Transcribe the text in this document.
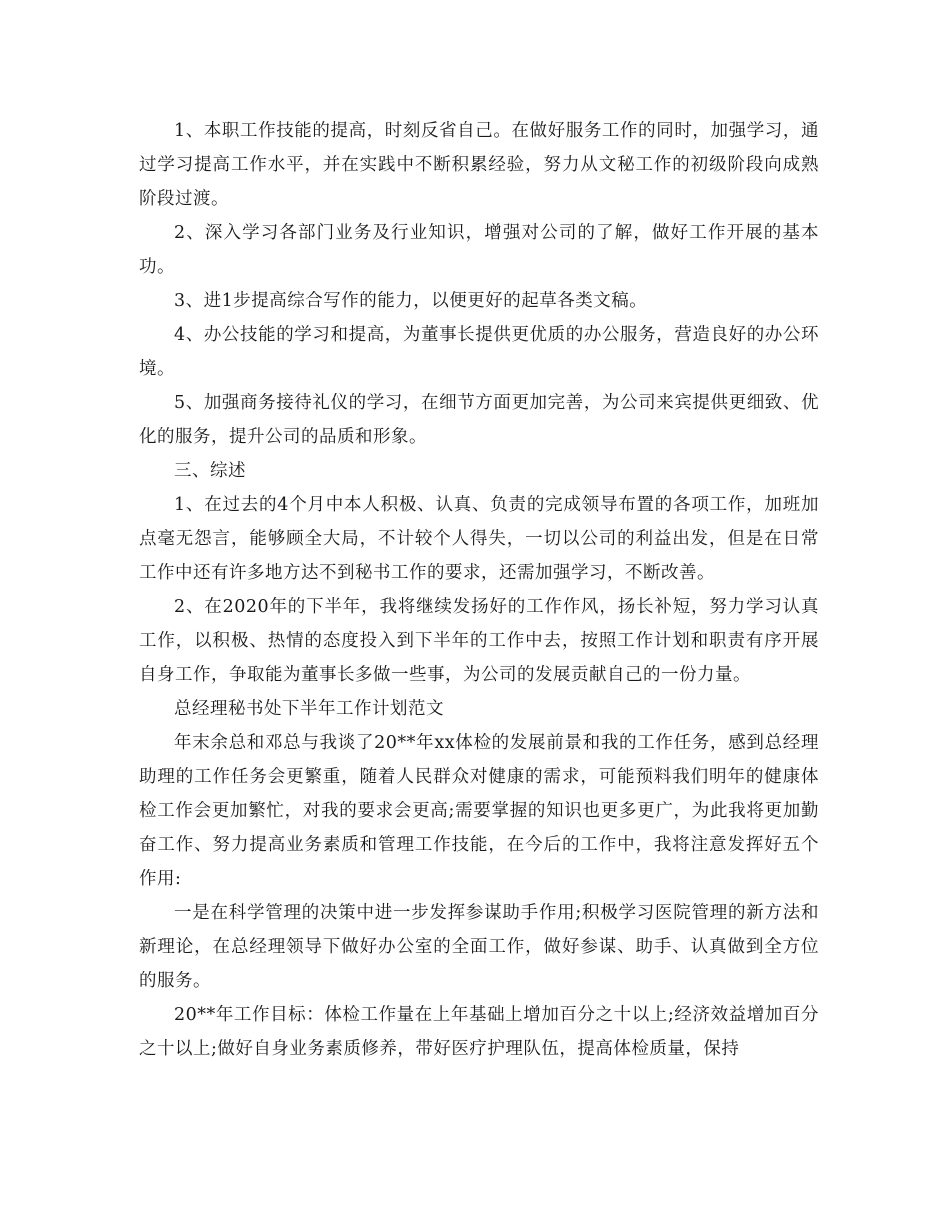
1、本职工作技能的提高，时刻反省自己。在做好服务工作的同时，加强学习，通过学习提高工作水平，并在实践中不断积累经验，努力从文秘工作的初级阶段向成熟阶段过渡。

2、深入学习各部门业务及行业知识，增强对公司的了解，做好工作开展的基本功。

3、进1步提高综合写作的能力，以便更好的起草各类文稿。

4、办公技能的学习和提高，为董事长提供更优质的办公服务，营造良好的办公环境。

5、加强商务接待礼仪的学习，在细节方面更加完善，为公司来宾提供更细致、优化的服务，提升公司的品质和形象。

三、综述

1、在过去的4个月中本人积极、认真、负责的完成领导布置的各项工作，加班加点毫无怨言，能够顾全大局，不计较个人得失，一切以公司的利益出发，但是在日常工作中还有许多地方达不到秘书工作的要求，还需加强学习，不断改善。

2、在2020年的下半年，我将继续发扬好的工作作风，扬长补短，努力学习认真工作，以积极、热情的态度投入到下半年的工作中去，按照工作计划和职责有序开展自身工作，争取能为董事长多做一些事，为公司的发展贡献自己的一份力量。

总经理秘书处下半年工作计划范文

年末余总和邓总与我谈了20**年xx体检的发展前景和我的工作任务，感到总经理助理的工作任务会更繁重，随着人民群众对健康的需求，可能预料我们明年的健康体检工作会更加繁忙，对我的要求会更高;需要掌握的知识也更多更广，为此我将更加勤奋工作、努力提高业务素质和管理工作技能，在今后的工作中，我将注意发挥好五个作用:

一是在科学管理的决策中进一步发挥参谋助手作用;积极学习医院管理的新方法和新理论，在总经理领导下做好办公室的全面工作，做好参谋、助手、认真做到全方位的服务。

20**年工作目标：体检工作量在上年基础上增加百分之十以上;经济效益增加百分之十以上;做好自身业务素质修养，带好医疗护理队伍，提高体检质量，保持
